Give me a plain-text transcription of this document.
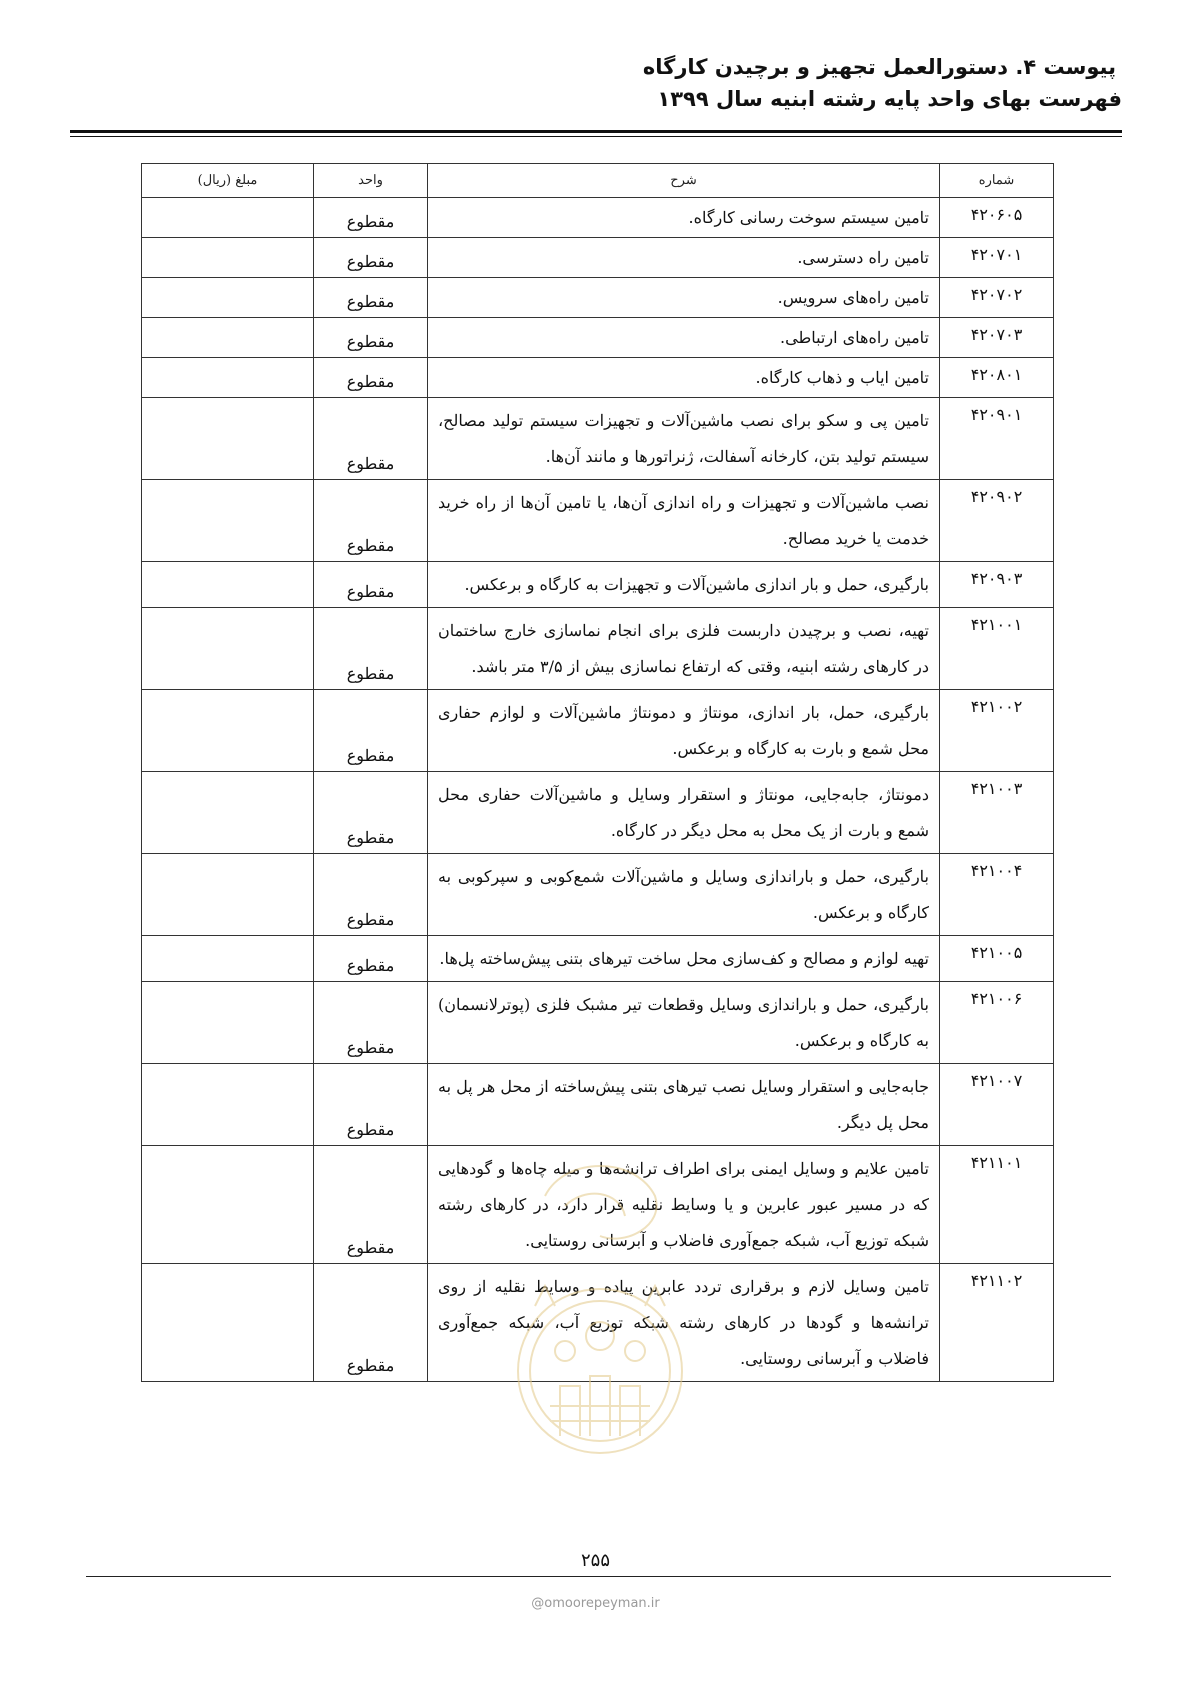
پیوست ۴. دستورالعمل تجهیز و برچیدن کارگاه
فهرست بهای واحد پایه رشته ابنیه سال ۱۳۹۹
شماره	شرح	واحد	مبلغ (ریال)
۴۲۰۶۰۵	تامین سیستم سوخت رسانی کارگاه.	مقطوع	
۴۲۰۷۰۱	تامین راه دسترسی.	مقطوع	
۴۲۰۷۰۲	تامین راه‌های سرویس.	مقطوع	
۴۲۰۷۰۳	تامین راه‌های ارتباطی.	مقطوع	
۴۲۰۸۰۱	تامین ایاب و ذهاب کارگاه.	مقطوع	
۴۲۰۹۰۱	تامین پی و سکو برای نصب ماشین‌آلات و تجهیزات سیستم تولید مصالح، سیستم تولید بتن، کارخانه آسفالت، ژنراتورها و مانند آن‌ها.	مقطوع	
۴۲۰۹۰۲	نصب ماشین‌آلات و تجهیزات و راه اندازی آن‌ها، یا تامین آن‌ها از راه خرید خدمت یا خرید مصالح.	مقطوع	
۴۲۰۹۰۳	بارگیری، حمل و بار اندازی ماشین‌آلات و تجهیزات به کارگاه و برعکس.	مقطوع	
۴۲۱۰۰۱	تهیه، نصب و برچیدن داربست فلزی برای انجام نماسازی خارج ساختمان در کارهای رشته ابنیه، وقتی که ارتفاع نماسازی بیش از ۳/۵ متر باشد.	مقطوع	
۴۲۱۰۰۲	بارگیری، حمل، بار اندازی، مونتاژ و دمونتاژ ماشین‌آلات و لوازم حفاری محل شمع و بارت به کارگاه و برعکس.	مقطوع	
۴۲۱۰۰۳	دمونتاژ، جابه‌جایی، مونتاژ و استقرار وسایل و ماشین‌آلات حفاری محل شمع و بارت از یک محل به محل دیگر در کارگاه.	مقطوع	
۴۲۱۰۰۴	بارگیری، حمل و باراندازی وسایل و ماشین‌آلات شمع‌کوبی و سپرکوبی به کارگاه و برعکس.	مقطوع	
۴۲۱۰۰۵	تهیه لوازم و مصالح و کف‌سازی محل ساخت تیرهای بتنی پیش‌ساخته پل‌ها.	مقطوع	
۴۲۱۰۰۶	بارگیری، حمل و باراندازی وسایل وقطعات تیر مشبک فلزی (پوترلانسمان) به کارگاه و برعکس.	مقطوع	
۴۲۱۰۰۷	جابه‌جایی و استقرار وسایل نصب تیرهای بتنی پیش‌ساخته از محل هر پل به محل پل دیگر.	مقطوع	
۴۲۱۱۰۱	تامین علایم و وسایل ایمنی برای اطراف ترانشه‌ها و میله چاه‌ها و گودهایی که در مسیر عبور عابرین و یا وسایط نقلیه قرار دارد، در کارهای رشته شبکه توزیع آب، شبکه جمع‌آوری فاضلاب و آبرسانی روستایی.	مقطوع	
۴۲۱۱۰۲	تامین وسایل لازم و برقراری تردد عابرین پیاده و وسایط نقلیه از روی ترانشه‌ها و گودها در کارهای رشته شبکه توزیع آب، شبکه جمع‌آوری فاضلاب و آبرسانی روستایی.	مقطوع	
۲۵۵
@omoorepeyman.ir
